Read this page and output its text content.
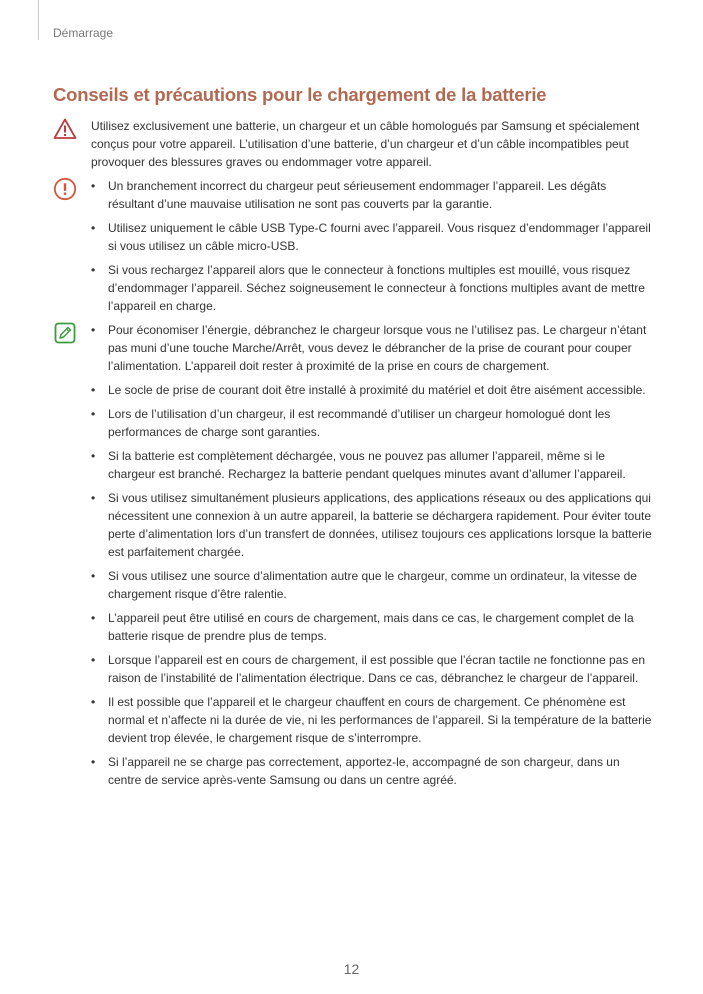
Démarrage
Conseils et précautions pour le chargement de la batterie

Utilisez exclusivement une batterie, un chargeur et un câble homologués par Samsung et spécialement conçus pour votre appareil. L’utilisation d’une batterie, d’un chargeur et d’un câble incompatibles peut provoquer des blessures graves ou endommager votre appareil.

• Un branchement incorrect du chargeur peut sérieusement endommager l’appareil. Les dégâts résultant d’une mauvaise utilisation ne sont pas couverts par la garantie.
• Utilisez uniquement le câble USB Type-C fourni avec l’appareil. Vous risquez d’endommager l’appareil si vous utilisez un câble micro-USB.
• Si vous rechargez l’appareil alors que le connecteur à fonctions multiples est mouillé, vous risquez d’endommager l’appareil. Séchez soigneusement le connecteur à fonctions multiples avant de mettre l’appareil en charge.
• Pour économiser l’énergie, débranchez le chargeur lorsque vous ne l’utilisez pas. Le chargeur n’étant pas muni d’une touche Marche/Arrêt, vous devez le débrancher de la prise de courant pour couper l’alimentation. L’appareil doit rester à proximité de la prise en cours de chargement.
• Le socle de prise de courant doit être installé à proximité du matériel et doit être aisément accessible.
• Lors de l’utilisation d’un chargeur, il est recommandé d’utiliser un chargeur homologué dont les performances de charge sont garanties.
• Si la batterie est complètement déchargée, vous ne pouvez pas allumer l’appareil, même si le chargeur est branché. Rechargez la batterie pendant quelques minutes avant d’allumer l’appareil.
• Si vous utilisez simultanément plusieurs applications, des applications réseaux ou des applications qui nécessitent une connexion à un autre appareil, la batterie se déchargera rapidement. Pour éviter toute perte d’alimentation lors d’un transfert de données, utilisez toujours ces applications lorsque la batterie est parfaitement chargée.
• Si vous utilisez une source d’alimentation autre que le chargeur, comme un ordinateur, la vitesse de chargement risque d’être ralentie.
• L’appareil peut être utilisé en cours de chargement, mais dans ce cas, le chargement complet de la batterie risque de prendre plus de temps.
• Lorsque l’appareil est en cours de chargement, il est possible que l’écran tactile ne fonctionne pas en raison de l’instabilité de l’alimentation électrique. Dans ce cas, débranchez le chargeur de l’appareil.
• Il est possible que l’appareil et le chargeur chauffent en cours de chargement. Ce phénomène est normal et n’affecte ni la durée de vie, ni les performances de l’appareil. Si la température de la batterie devient trop élevée, le chargement risque de s’interrompre.
• Si l’appareil ne se charge pas correctement, apportez-le, accompagné de son chargeur, dans un centre de service après-vente Samsung ou dans un centre agréé.
12
